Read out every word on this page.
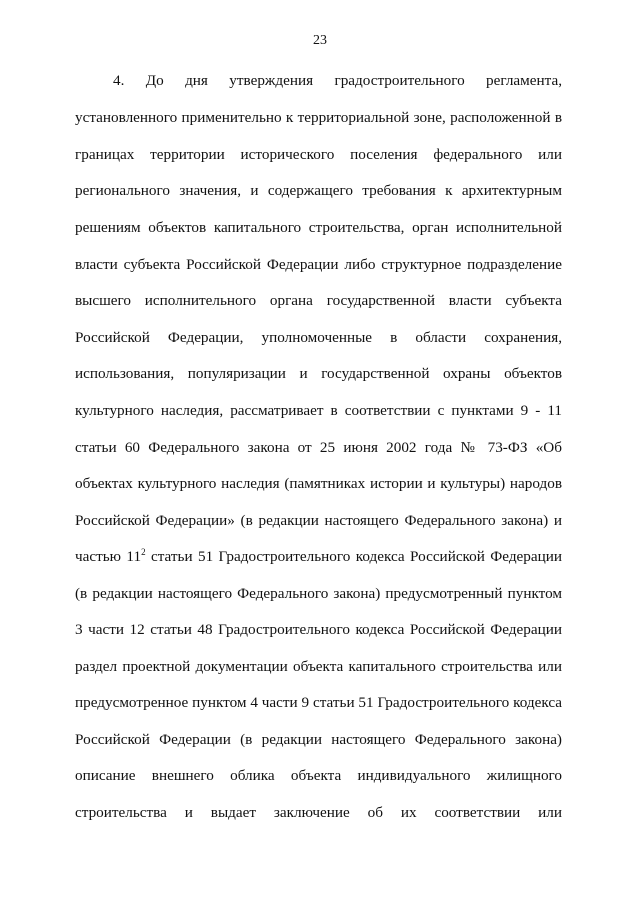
23
4. До дня утверждения градостроительного регламента,
установленного применительно к территориальной зоне, расположенной в
границах территории исторического поселения федерального или
регионального значения, и содержащего требования к архитектурным
решениям объектов капитального строительства, орган исполнительной
власти субъекта Российской Федерации либо структурное подразделение
высшего исполнительного органа государственной власти субъекта
Российской Федерации, уполномоченные в области сохранения,
использования, популяризации и государственной охраны объектов
культурного наследия, рассматривает в соответствии с пунктами 9 - 11
статьи 60 Федерального закона от 25 июня 2002 года № 73-ФЗ «Об
объектах культурного наследия (памятниках истории и культуры) народов
Российской Федерации» (в редакции настоящего Федерального закона) и
частью $11^2$ статьи 51 Градостроительного кодекса Российской Федерации
(в редакции настоящего Федерального закона) предусмотренный пунктом
3 части 12 статьи 48 Градостроительного кодекса Российской Федерации
раздел проектной документации объекта капитального строительства или
предусмотренное пунктом 4 части 9 статьи 51 Градостроительного кодекса
Российской Федерации (в редакции настоящего Федерального закона)
описание внешнего облика объекта индивидуального жилищного
строительства и выдает заключение об их соответствии или
